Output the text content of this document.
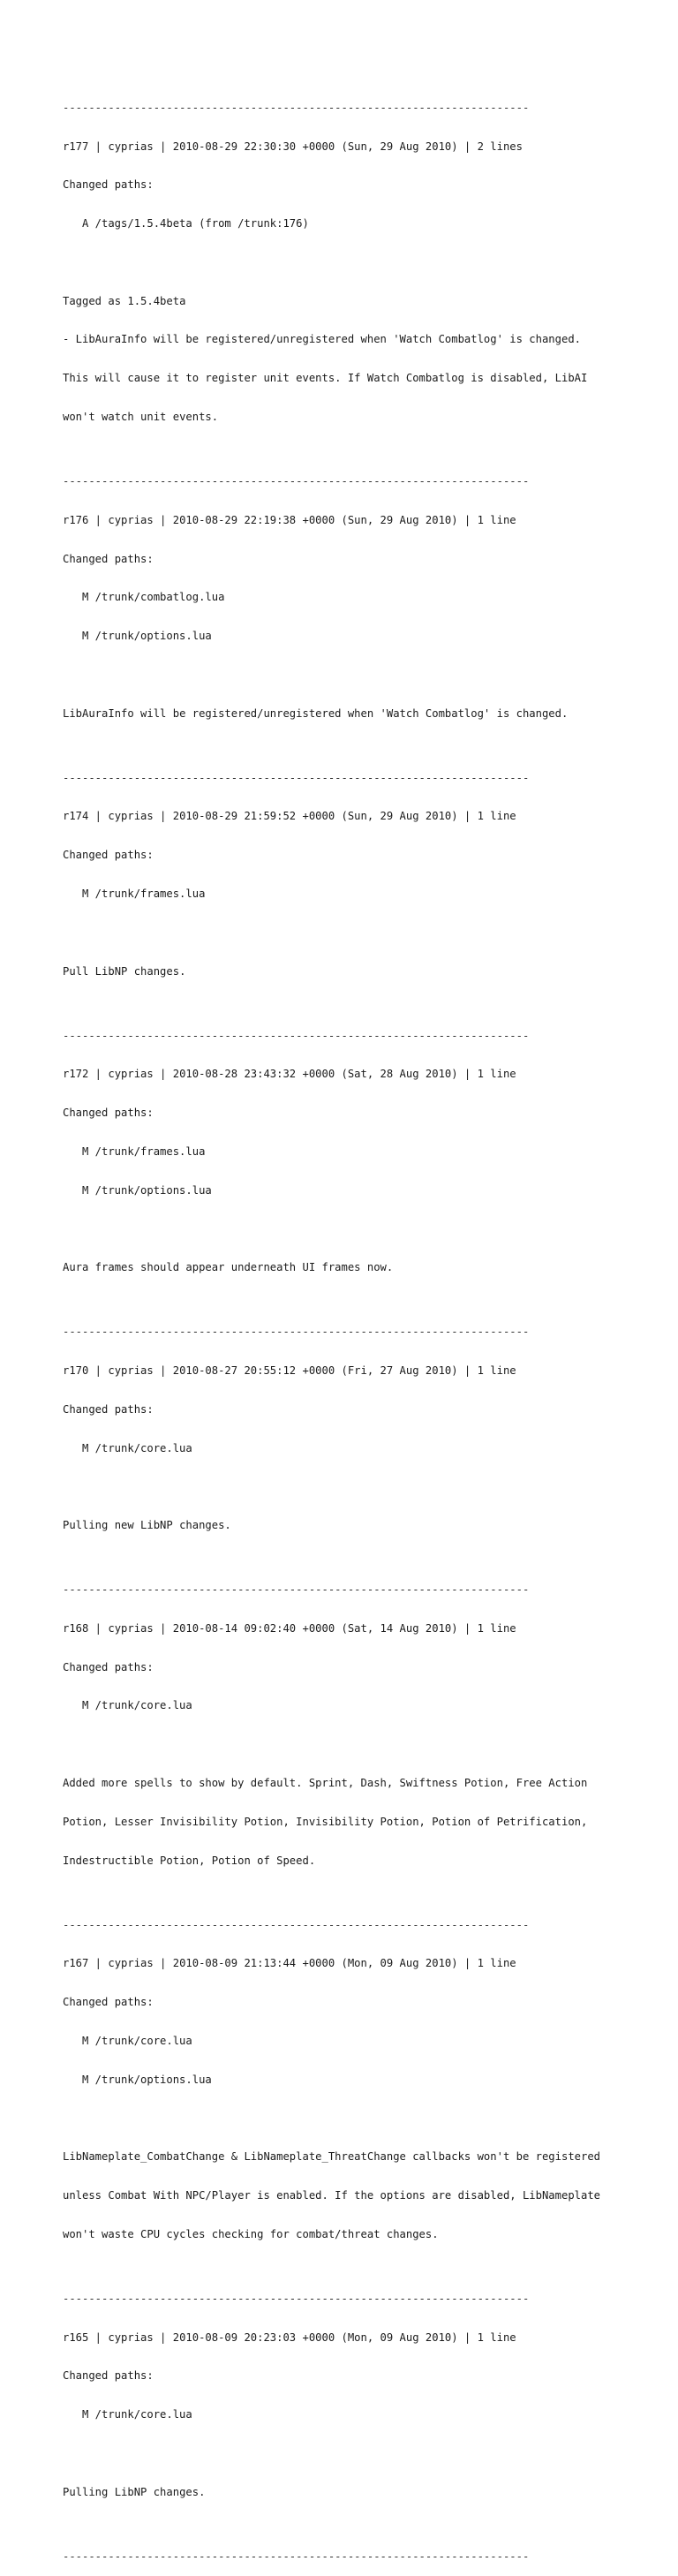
------------------------------------------------------------------------

r177 | cyprias | 2010-08-29 22:30:30 +0000 (Sun, 29 Aug 2010) | 2 lines

Changed paths:

A /tags/1.5.4beta (from /trunk:176)

Tagged as 1.5.4beta

- LibAuraInfo will be registered/unregistered when 'Watch Combatlog' is changed.

This will cause it to register unit events. If Watch Combatlog is disabled, LibAI

won't watch unit events.

------------------------------------------------------------------------

r176 | cyprias | 2010-08-29 22:19:38 +0000 (Sun, 29 Aug 2010) | 1 line

Changed paths:

M /trunk/combatlog.lua

M /trunk/options.lua

LibAuraInfo will be registered/unregistered when 'Watch Combatlog' is changed.

------------------------------------------------------------------------

r174 | cyprias | 2010-08-29 21:59:52 +0000 (Sun, 29 Aug 2010) | 1 line

Changed paths:

M /trunk/frames.lua

Pull LibNP changes.

------------------------------------------------------------------------

r172 | cyprias | 2010-08-28 23:43:32 +0000 (Sat, 28 Aug 2010) | 1 line

Changed paths:

M /trunk/frames.lua

M /trunk/options.lua

Aura frames should appear underneath UI frames now.

------------------------------------------------------------------------

r170 | cyprias | 2010-08-27 20:55:12 +0000 (Fri, 27 Aug 2010) | 1 line

Changed paths:

M /trunk/core.lua

Pulling new LibNP changes.

------------------------------------------------------------------------

r168 | cyprias | 2010-08-14 09:02:40 +0000 (Sat, 14 Aug 2010) | 1 line

Changed paths:

M /trunk/core.lua

Added more spells to show by default. Sprint, Dash, Swiftness Potion, Free Action

Potion, Lesser Invisibility Potion, Invisibility Potion, Potion of Petrification,

Indestructible Potion, Potion of Speed.

------------------------------------------------------------------------

r167 | cyprias | 2010-08-09 21:13:44 +0000 (Mon, 09 Aug 2010) | 1 line

Changed paths:

M /trunk/core.lua

M /trunk/options.lua

LibNameplate_CombatChange & LibNameplate_ThreatChange callbacks won't be registered

unless Combat With NPC/Player is enabled. If the options are disabled, LibNameplate

won't waste CPU cycles checking for combat/threat changes.

------------------------------------------------------------------------

r165 | cyprias | 2010-08-09 20:23:03 +0000 (Mon, 09 Aug 2010) | 1 line

Changed paths:

M /trunk/core.lua

Pulling LibNP changes.

------------------------------------------------------------------------
